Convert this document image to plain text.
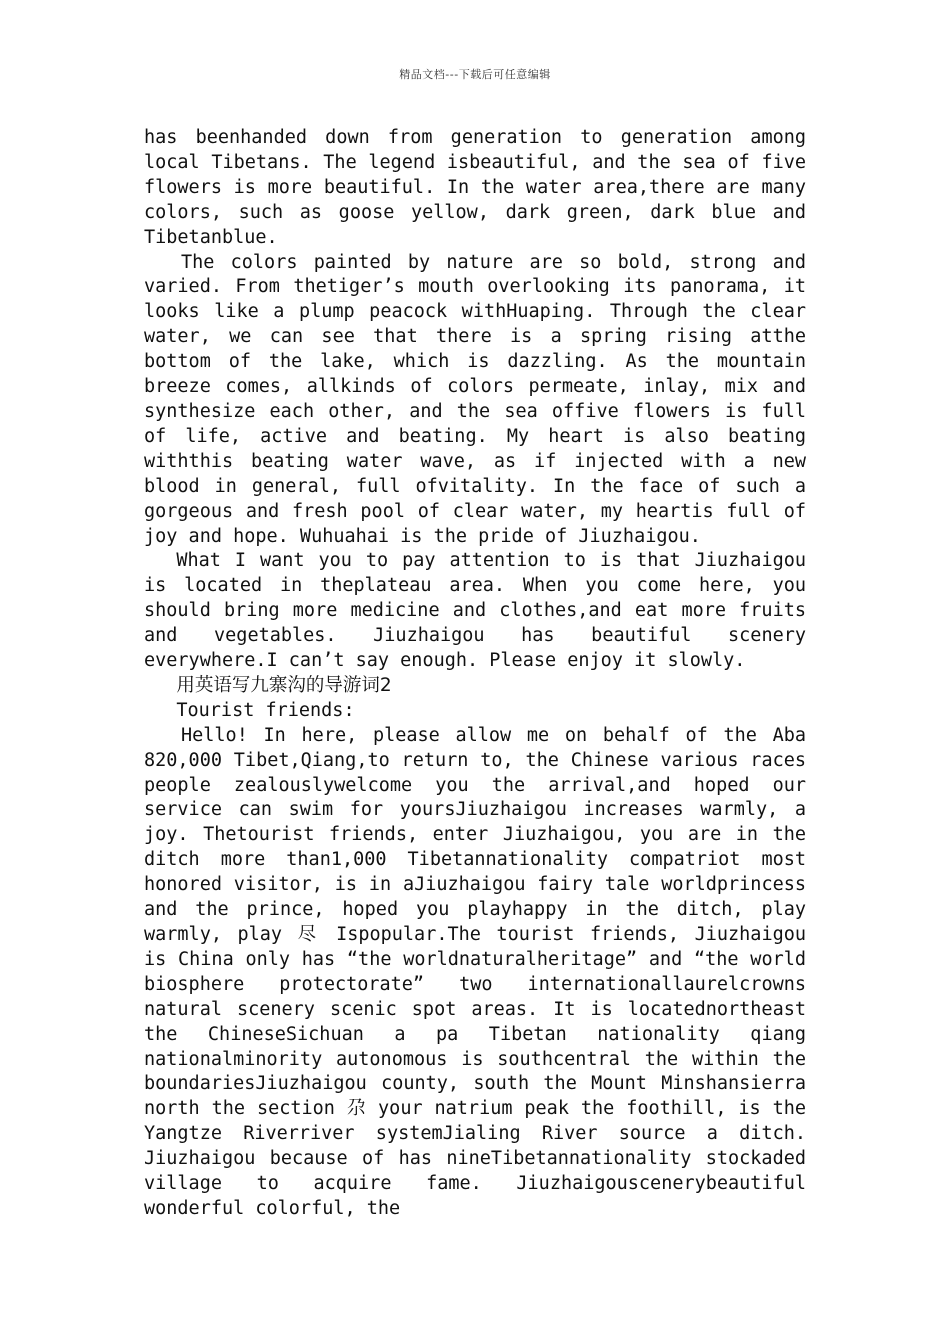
精品文档---下载后可任意编辑

has beenhanded down from generation to generation among local Tibetans. The legend isbeautiful, and the sea of five flowers is more beautiful. In the water area,there are many colors, such as goose yellow, dark green, dark blue and Tibetanblue.

The colors painted by nature are so bold, strong and varied. From thetiger’s mouth overlooking its panorama, it looks like a plump peacock withHuaping. Through the clear water, we can see that there is a spring rising atthe bottom of the lake, which is dazzling. As the mountain breeze comes, allkinds of colors permeate, inlay, mix and synthesize each other, and the sea offive flowers is full of life, active and beating. My heart is also beating withthis beating water wave, as if injected with a new blood in general, full ofvitality. In the face of such a gorgeous and fresh pool of clear water, my heartis full of joy and hope. Wuhuahai is the pride of Jiuzhaigou.

What I want you to pay attention to is that Jiuzhaigou is located in theplateau area. When you come here, you should bring more medicine and clothes,and eat more fruits and vegetables. Jiuzhaigou has beautiful scenery everywhere.I can’t say enough. Please enjoy it slowly.

用英语写九寨沟的导游词2

Tourist friends:

Hello! In here, please allow me on behalf of the Aba 820,000 Tibet,Qiang,to return to, the Chinese various races people zealouslywelcome you the arrival,and hoped our service can swim for yoursJiuzhaigou increases warmly, a joy. Thetourist friends, enter Jiuzhaigou, you are in the ditch more than1,000 Tibetannationality compatriot most honored visitor, is in aJiuzhaigou fairy tale worldprincess and the prince, hoped you playhappy in the ditch, play warmly, play 尽 Ispopular.The tourist friends, Jiuzhaigou is China only has “the worldnaturalheritage” and “the world biosphere protectorate” two internationallaurelcrowns natural scenery scenic spot areas. It is locatednortheast the ChineseSichuan a pa Tibetan nationality qiang nationalminority autonomous is southcentral the within the boundariesJiuzhaigou county, south the Mount Minshansierra north the section 尕 your natrium peak the foothill, is the Yangtze Riverriver systemJialing River source a ditch. Jiuzhaigou because of has nineTibetannationality stockaded village to acquire fame. Jiuzhaigouscenerybeautiful wonderful colorful, the
